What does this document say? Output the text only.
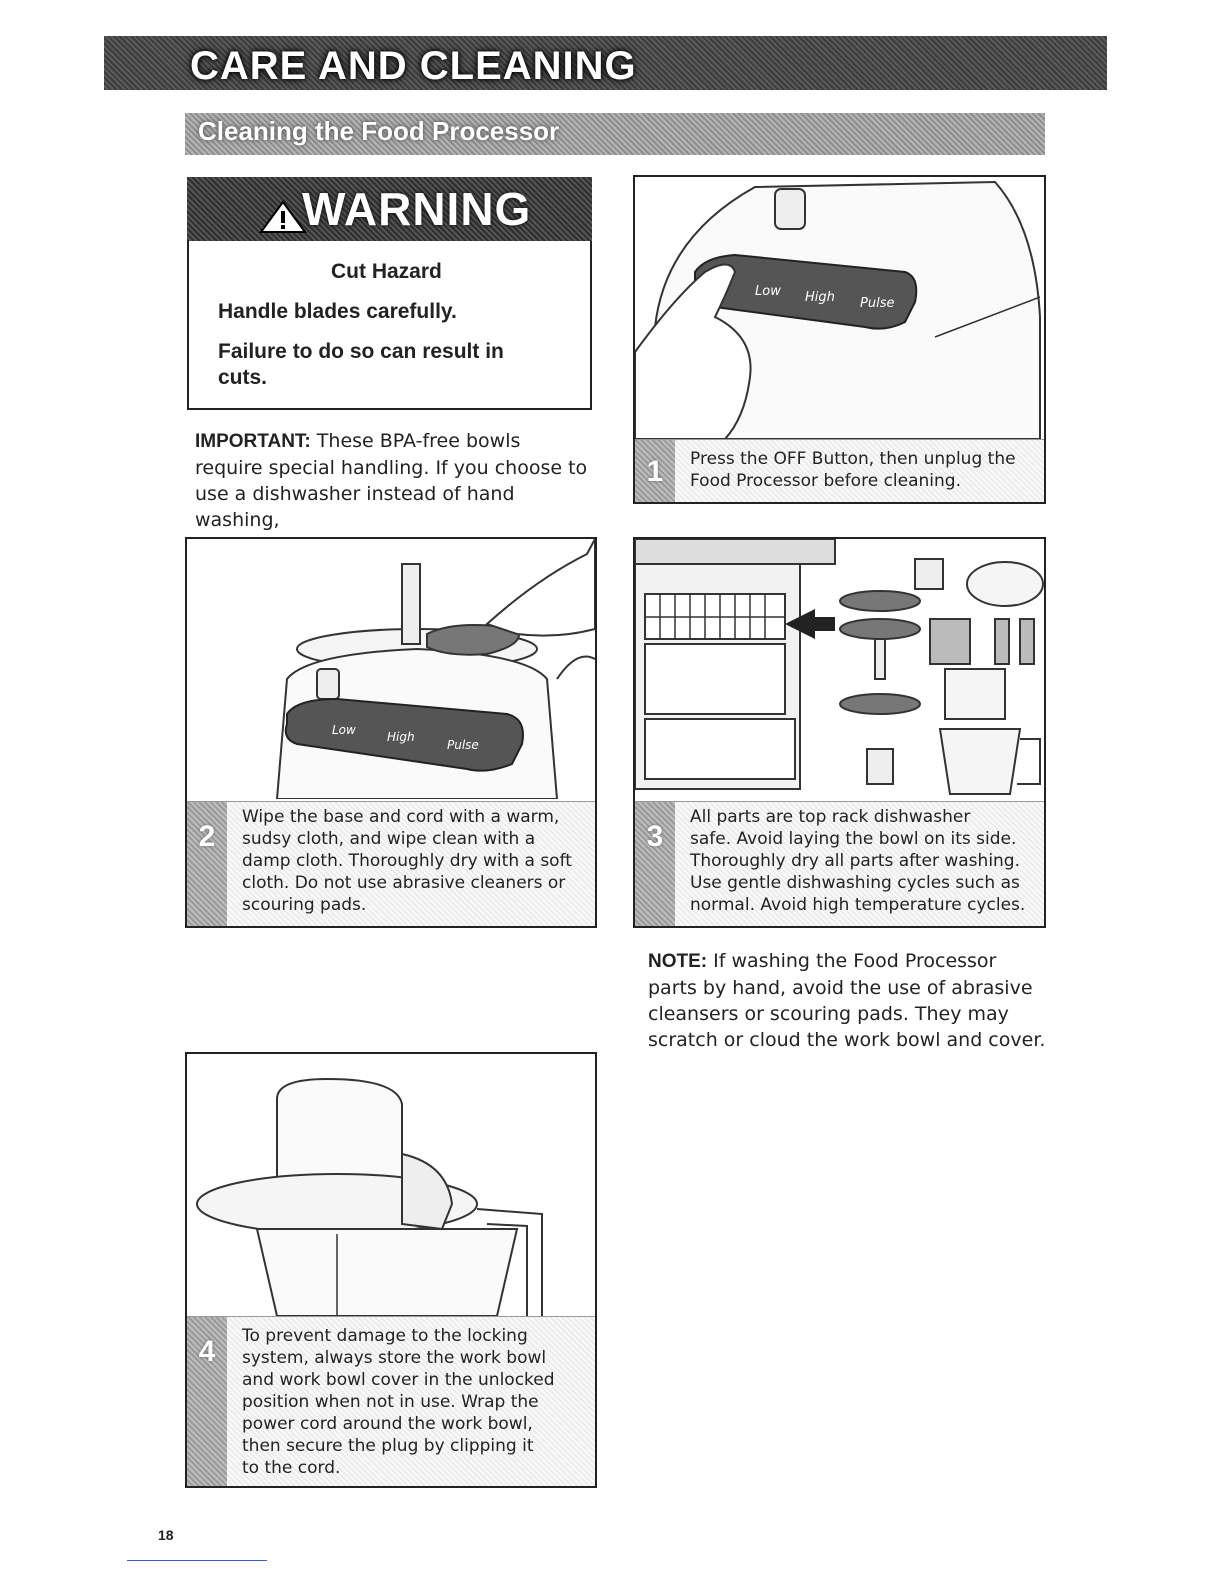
CARE AND CLEANING
Cleaning the Food Processor
WARNING
Cut Hazard
Handle blades carefully.
Failure to do so can result in
cuts.
IMPORTANT: These BPA-free bowls
require special handling. If you choose to
use a dishwasher instead of hand washing,
Low High Pulse
1	Press the OFF Button, then unplug the
Food Processor before cleaning.
Low	High
Pulse
2
Wipe the base and cord with a warm,
sudsy cloth, and wipe clean with a
damp cloth. Thoroughly dry with a soft
cloth. Do not use abrasive cleaners or
scouring pads.
3
All parts are top rack dishwasher
safe. Avoid laying the bowl on its side.
Thoroughly dry all parts after washing.
Use gentle dishwashing cycles such as
normal. Avoid high temperature cycles.
NOTE: If washing the Food Processor
parts by hand, avoid the use of abrasive
cleansers or scouring pads. They may
scratch or cloud the work bowl and cover.
4	To prevent damage to the locking
system, always store the work bowl
and work bowl cover in the unlocked
position when not in use. Wrap the
power cord around the work bowl,
then secure the plug by clipping it
to the cord.
18
